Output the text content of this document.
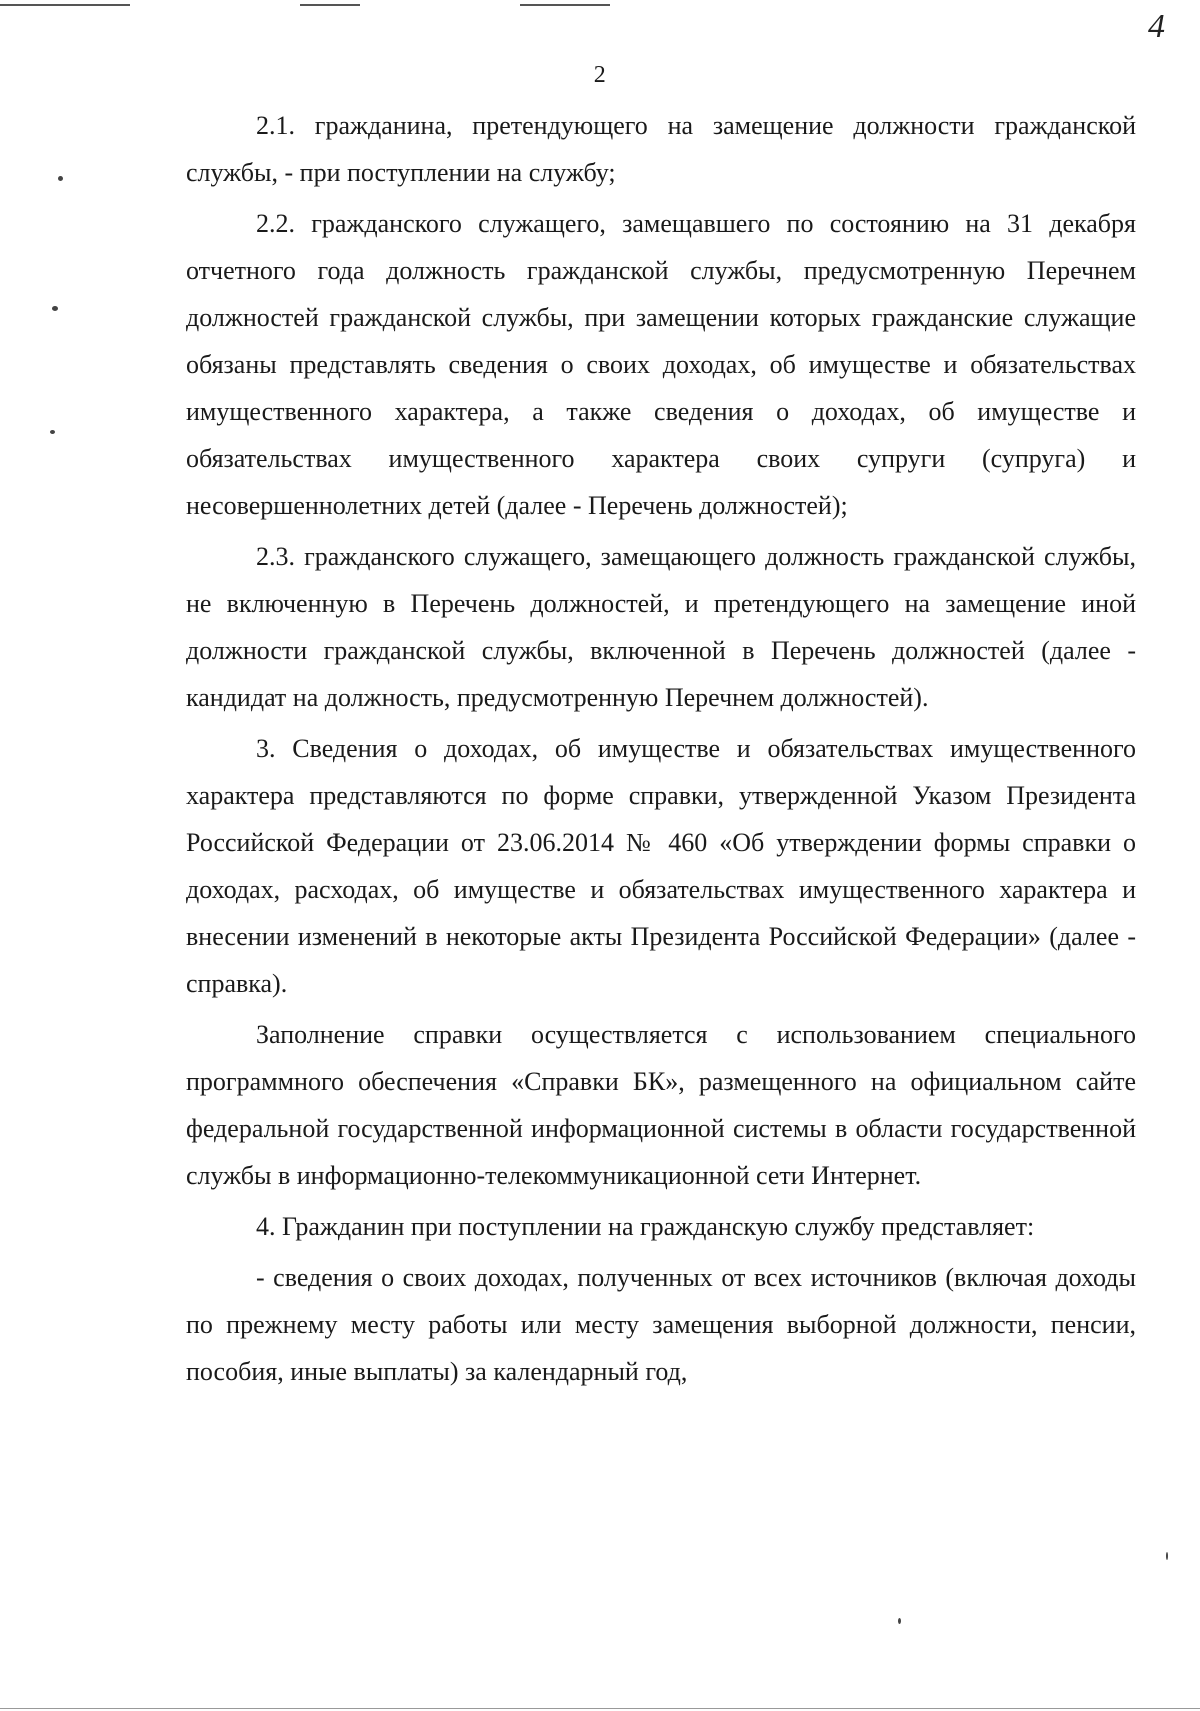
4
2

2.1. гражданина, претендующего на замещение должности гражданской службы, - при поступлении на службу;

2.2. гражданского служащего, замещавшего по состоянию на 31 декабря отчетного года должность гражданской службы, предусмотренную Перечнем должностей гражданской службы, при замещении которых гражданские служащие обязаны представлять сведения о своих доходах, об имуществе и обязательствах имущественного характера, а также сведения о доходах, об имуществе и обязательствах имущественного характера своих супруги (супруга) и несовершеннолетних детей (далее - Перечень должностей);

2.3. гражданского служащего, замещающего должность гражданской службы, не включенную в Перечень должностей, и претендующего на замещение иной должности гражданской службы, включенной в Перечень должностей (далее - кандидат на должность, предусмотренную Перечнем должностей).

3. Сведения о доходах, об имуществе и обязательствах имущественного характера представляются по форме справки, утвержденной Указом Президента Российской Федерации от 23.06.2014 № 460 «Об утверждении формы справки о доходах, расходах, об имуществе и обязательствах имущественного характера и внесении изменений в некоторые акты Президента Российской Федерации» (далее - справка).

Заполнение справки осуществляется с использованием специального программного обеспечения «Справки БК», размещенного на официальном сайте федеральной государственной информационной системы в области государственной службы в информационно-телекоммуникационной сети Интернет.

4. Гражданин при поступлении на гражданскую службу представляет:

- сведения о своих доходах, полученных от всех источников (включая доходы по прежнему месту работы или месту замещения выборной должности, пенсии, пособия, иные выплаты) за календарный год,
